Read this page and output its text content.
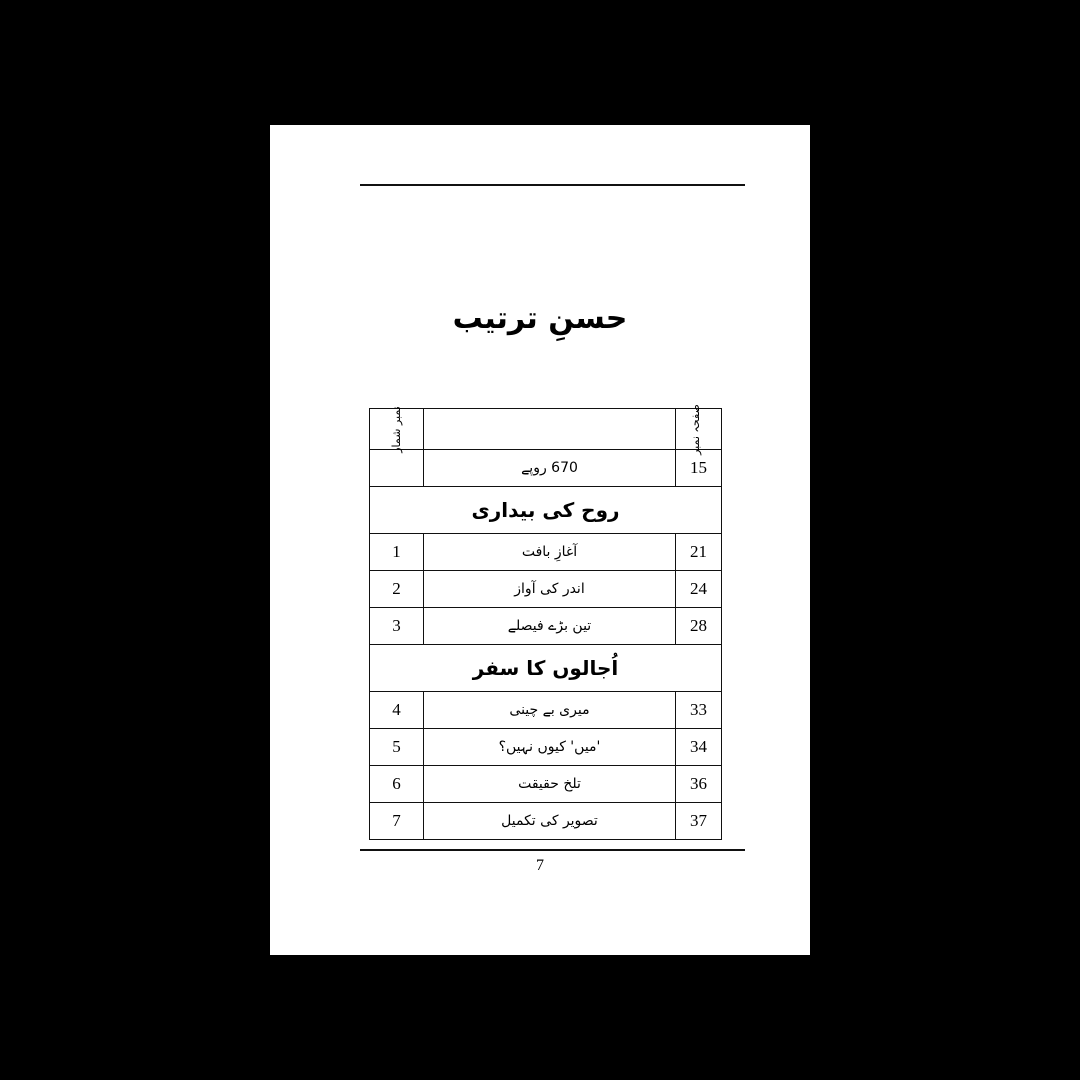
حسنِ ترتیب
صفحہ نمبر		نمبر شمار
15	670 روپے	
روح کی بیداری		
21	آغازِ بافت	1
24	اندر کی آواز	2
28	تین بڑے فیصلے	3
اُجالوں کا سفر		
33	میری بے چینی	4
34	'میں' کیوں نہیں؟	5
36	تلخ حقیقت	6
37	تصویر کی تکمیل	7
7
